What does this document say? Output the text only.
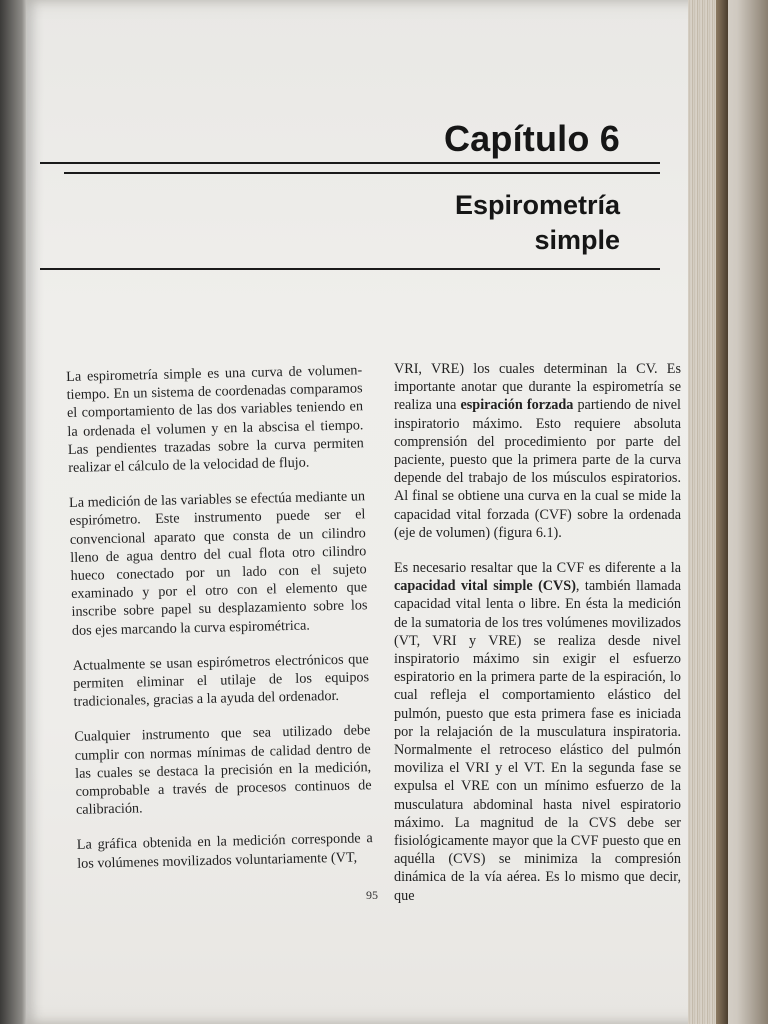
Capítulo 6
Espirometría
simple

La espirometría simple es una curva de volumen-tiempo. En un sistema de coordenadas comparamos el comportamiento de las dos variables teniendo en la ordenada el volumen y en la abscisa el tiempo. Las pendientes trazadas sobre la curva permiten realizar el cálculo de la velocidad de flujo.

La medición de las variables se efectúa mediante un espirómetro. Este instrumento puede ser el convencional aparato que consta de un cilindro lleno de agua dentro del cual flota otro cilindro hueco conectado por un lado con el sujeto examinado y por el otro con el elemento que inscribe sobre papel su desplazamiento sobre los dos ejes marcando la curva espirométrica.

Actualmente se usan espirómetros electrónicos que permiten eliminar el utilaje de los equipos tradicionales, gracias a la ayuda del ordenador.

Cualquier instrumento que sea utilizado debe cumplir con normas mínimas de calidad dentro de las cuales se destaca la precisión en la medición, comprobable a través de procesos continuos de calibración.

La gráfica obtenida en la medición corresponde a los volúmenes movilizados voluntariamente (VT,

VRI, VRE) los cuales determinan la CV. Es importante anotar que durante la espirometría se realiza una espiración forzada partiendo de nivel inspiratorio máximo. Esto requiere absoluta comprensión del procedimiento por parte del paciente, puesto que la primera parte de la curva depende del trabajo de los músculos espiratorios. Al final se obtiene una curva en la cual se mide la capacidad vital forzada (CVF) sobre la ordenada (eje de volumen) (figura 6.1).

Es necesario resaltar que la CVF es diferente a la capacidad vital simple (CVS), también llamada capacidad vital lenta o libre. En ésta la medición de la sumatoria de los tres volúmenes movilizados (VT, VRI y VRE) se realiza desde nivel inspiratorio máximo sin exigir el esfuerzo espiratorio en la primera parte de la espiración, lo cual refleja el comportamiento elástico del pulmón, puesto que esta primera fase es iniciada por la relajación de la musculatura inspiratoria. Normalmente el retroceso elástico del pulmón moviliza el VRI y el VT. En la segunda fase se expulsa el VRE con un mínimo esfuerzo de la musculatura abdominal hasta nivel espiratorio máximo. La magnitud de la CVS debe ser fisiológicamente mayor que la CVF puesto que en aquélla (CVS) se minimiza la compresión dinámica de la vía aérea. Es lo mismo que decir, que

95
